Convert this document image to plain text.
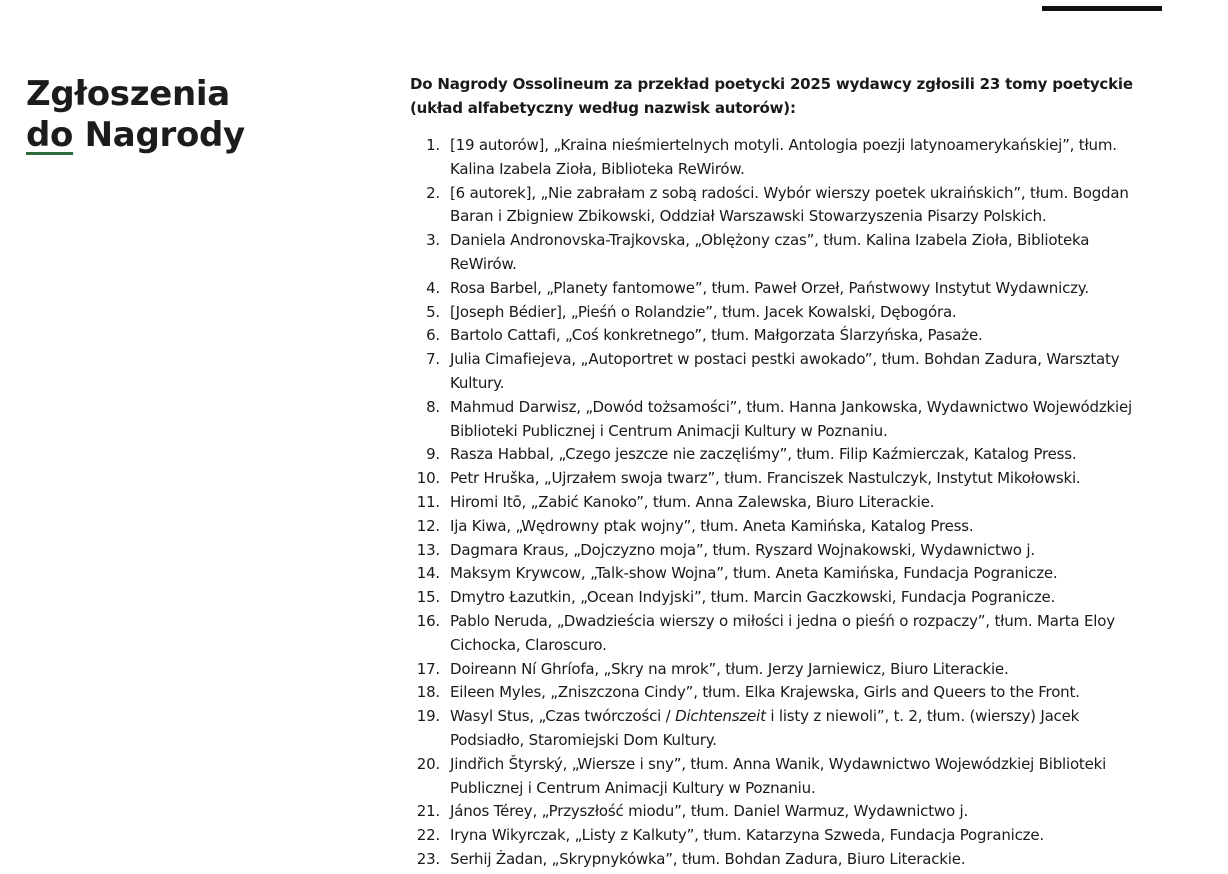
Zgłoszenia
do Nagrody

Do Nagrody Ossolineum za przekład poetycki 2025 wydawcy zgłosili 23 tomy poetyckie (układ alfabetyczny według nazwisk autorów):

1. [19 autorów], „Kraina nieśmiertelnych motyli. Antologia poezji latynoamerykańskiej”, tłum. Kalina Izabela Zioła, Biblioteka ReWirów.
2. [6 autorek], „Nie zabrałam z sobą radości. Wybór wierszy poetek ukraińskich”, tłum. Bogdan Baran i Zbigniew Zbikowski, Oddział Warszawski Stowarzyszenia Pisarzy Polskich.
3. Daniela Andronovska-Trajkovska, „Oblężony czas”, tłum. Kalina Izabela Zioła, Biblioteka ReWirów.
4. Rosa Barbel, „Planety fantomowe”, tłum. Paweł Orzeł, Państwowy Instytut Wydawniczy.
5. [Joseph Bédier], „Pieśń o Rolandzie”, tłum. Jacek Kowalski, Dębogóra.
6. Bartolo Cattafi, „Coś konkretnego”, tłum. Małgorzata Ślarzyńska, Pasaże.
7. Julia Cimafiejeva, „Autoportret w postaci pestki awokado”, tłum. Bohdan Zadura, Warsztaty Kultury.
8. Mahmud Darwisz, „Dowód tożsamości”, tłum. Hanna Jankowska, Wydawnictwo Wojewódzkiej Biblioteki Publicznej i Centrum Animacji Kultury w Poznaniu.
9. Rasza Habbal, „Czego jeszcze nie zaczęliśmy”, tłum. Filip Kaźmierczak, Katalog Press.
10. Petr Hruška, „Ujrzałem swoja twarz”, tłum. Franciszek Nastulczyk, Instytut Mikołowski.
11. Hiromi Itō, „Zabić Kanoko”, tłum. Anna Zalewska, Biuro Literackie.
12. Ija Kiwa, „Wędrowny ptak wojny”, tłum. Aneta Kamińska, Katalog Press.
13. Dagmara Kraus, „Dojczyzno moja”, tłum. Ryszard Wojnakowski, Wydawnictwo j.
14. Maksym Krywcow, „Talk-show Wojna”, tłum. Aneta Kamińska, Fundacja Pogranicze.
15. Dmytro Łazutkin, „Ocean Indyjski”, tłum. Marcin Gaczkowski, Fundacja Pogranicze.
16. Pablo Neruda, „Dwadzieścia wierszy o miłości i jedna o pieśń o rozpaczy”, tłum. Marta Eloy Cichocka, Claroscuro.
17. Doireann Ní Ghríofa, „Skry na mrok”, tłum. Jerzy Jarniewicz, Biuro Literackie.
18. Eileen Myles, „Zniszczona Cindy”, tłum. Elka Krajewska, Girls and Queers to the Front.
19. Wasyl Stus, „Czas twórczości / Dichtenszeit i listy z niewoli”, t. 2, tłum. (wierszy) Jacek Podsiadło, Staromiejski Dom Kultury.
20. Jindřich Štyrský, „Wiersze i sny”, tłum. Anna Wanik, Wydawnictwo Wojewódzkiej Biblioteki Publicznej i Centrum Animacji Kultury w Poznaniu.
21. János Térey, „Przyszłość miodu”, tłum. Daniel Warmuz, Wydawnictwo j.
22. Iryna Wikyrczak, „Listy z Kalkuty”, tłum. Katarzyna Szweda, Fundacja Pogranicze.
23. Serhij Żadan, „Skrypnykówka”, tłum. Bohdan Zadura, Biuro Literackie.
